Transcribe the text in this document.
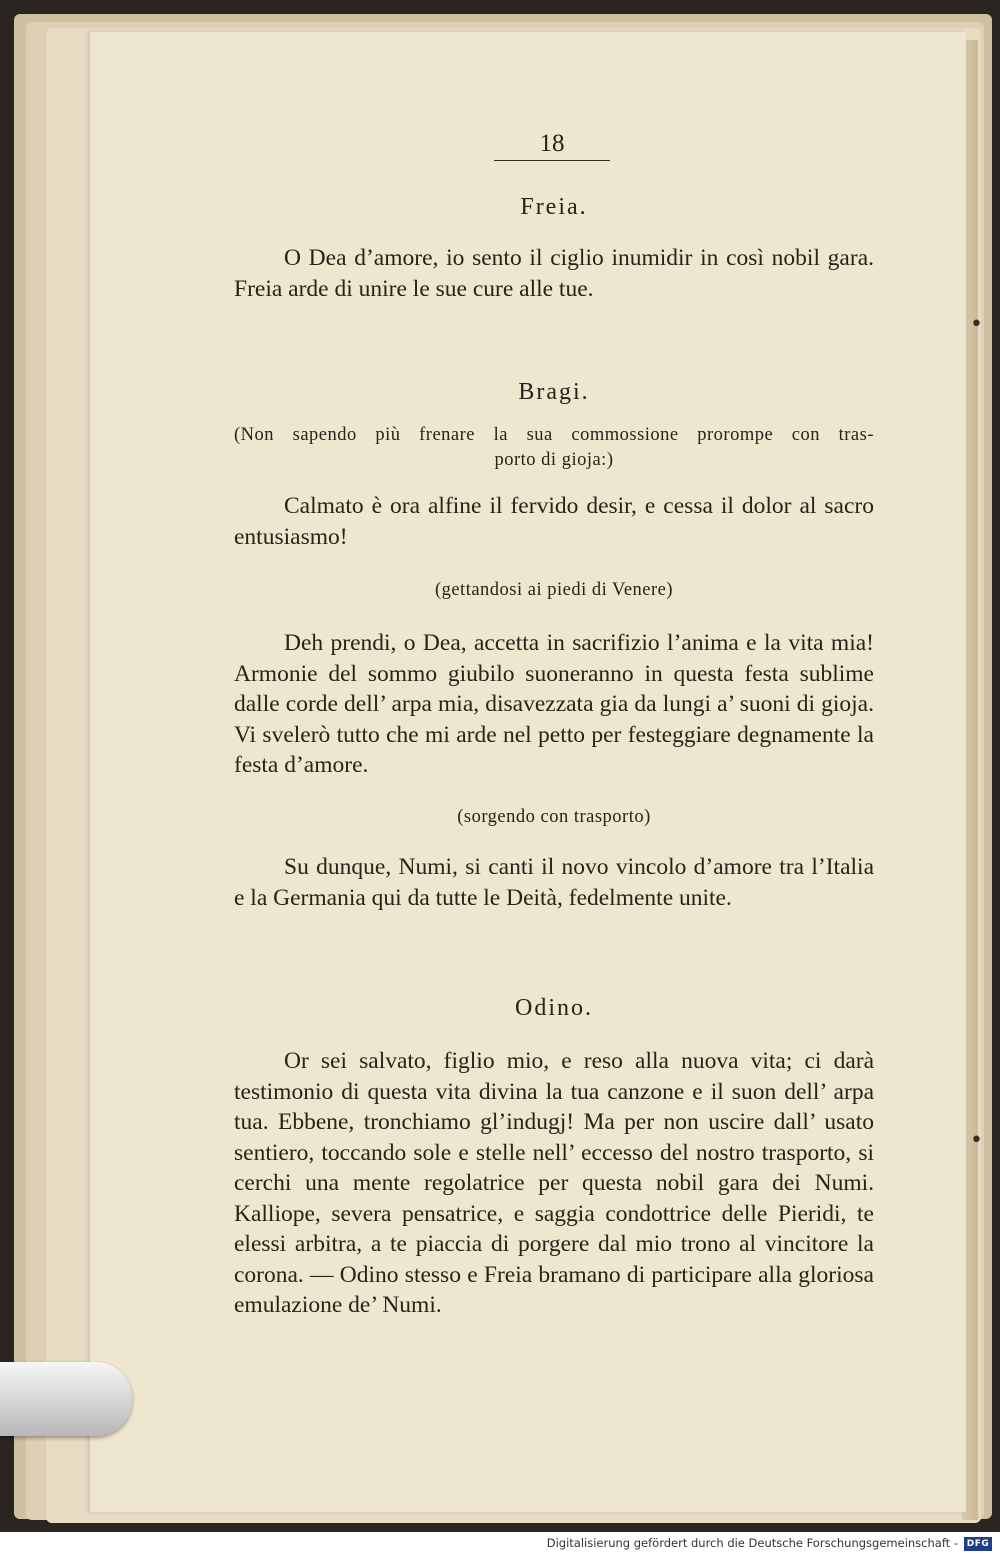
•
•
18
Freia.

O Dea d’amore, io sento il ciglio inumidir in così nobil gara. Freia arde di unire le sue cure alle tue.

Bragi.
(Non sapendo più frenare la sua commossione prorompe con tras-
porto di gioja:)

Calmato è ora alfine il fervido desir, e cessa il dolor al sacro entusiasmo!

(gettandosi ai piedi di Venere)

Deh prendi, o Dea, accetta in sacrifizio l’anima e la vita mia! Armonie del sommo giubilo suoneranno in questa festa sublime dalle corde dell’ arpa mia, disavezzata gia da lungi a’ suoni di gioja. Vi svelerò tutto che mi arde nel petto per festeggiare degnamente la festa d’amore.

(sorgendo con trasporto)

Su dunque, Numi, si canti il novo vincolo d’amore tra l’Italia e la Germania qui da tutte le Deità, fedelmente unite.

Odino.

Or sei salvato, figlio mio, e reso alla nuova vita; ci darà testimonio di questa vita divina la tua canzone e il suon dell’ arpa tua. Ebbene, tronchiamo gl’indugj! Ma per non uscire dall’ usato sentiero, toccando sole e stelle nell’ eccesso del nostro trasporto, si cerchi una mente regolatrice per questa nobil gara dei Numi. Kalliope, severa pensatrice, e saggia condottrice delle Pieridi, te elessi arbitra, a te piaccia di porgere dal mio trono al vincitore la corona. — Odino stesso e Freia bramano di participare alla gloriosa emulazione de’ Numi.

Digitalisierung gefördert durch die Deutsche Forschungsgemeinschaft - DFG
